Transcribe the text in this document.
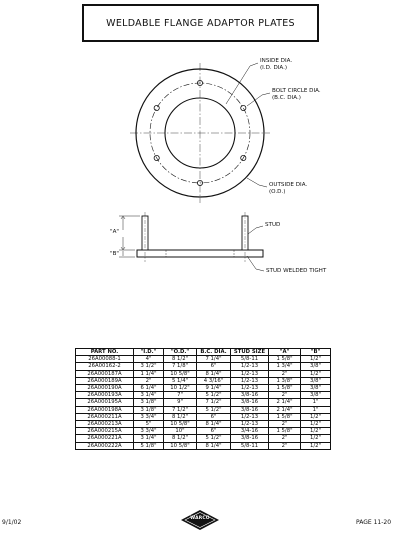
WELDABLE FLANGE ADAPTOR PLATES
INSIDE DIA.
(I.D. DIA.)
BOLT CIRCLE DIA.
(B.C. DIA.)
OUTSIDE DIA.
(O.D.)
STUD
STUD WELDED TIGHT
"A"
"B"
PART NO.	"I.D."	"O.D."	B.C. DIA.	STUD SIZE	"A"	"B"
26A00088-1	4"	8 1/2"	7 1/4"	5/8-11	1 5/8"	1/2"
26A00162-2	3 1/2"	7 1/8"	6"	1/2-13	1 3/4"	3/8"
26A000187A	1 1/4"	10 5/8"	8 1/4"	1/2-13	2"	1/2"
26A000189A	2"	5 1/4"	4 3/16"	1/2-13	1 3/8"	3/8"
26A000190A	6 1/4"	10 1/2"	9 1/4"	1/2-13	1 5/8"	3/8"
26A000193A	3 1/4"	7"	5 1/2"	3/8-16	2"	3/8"
26A000195A	3 1/8"	9"	7 1/2"	3/8-16	2 1/4"	1"
26A000198A	3 1/8"	7 1/2"	5 1/2"	3/8-16	2 1/4"	1"
26A000211A	3 3/4"	8 1/2"	6"	1/2-13	1 5/8"	1/2"
26A000213A	5"	10 5/8"	8 1/4"	1/2-13	2"	1/2"
26A000215A	3 3/4"	10"	6"	3/4-16	1 5/8"	1/2"
26A000221A	3 1/4"	8 1/2"	5 1/2"	3/8-16	2"	1/2"
26A000222A	5 1/8"	10 5/8"	8 1/4"	5/8-11	2"	1/2"
9/1/02
WARCO
PAGE 11-20
